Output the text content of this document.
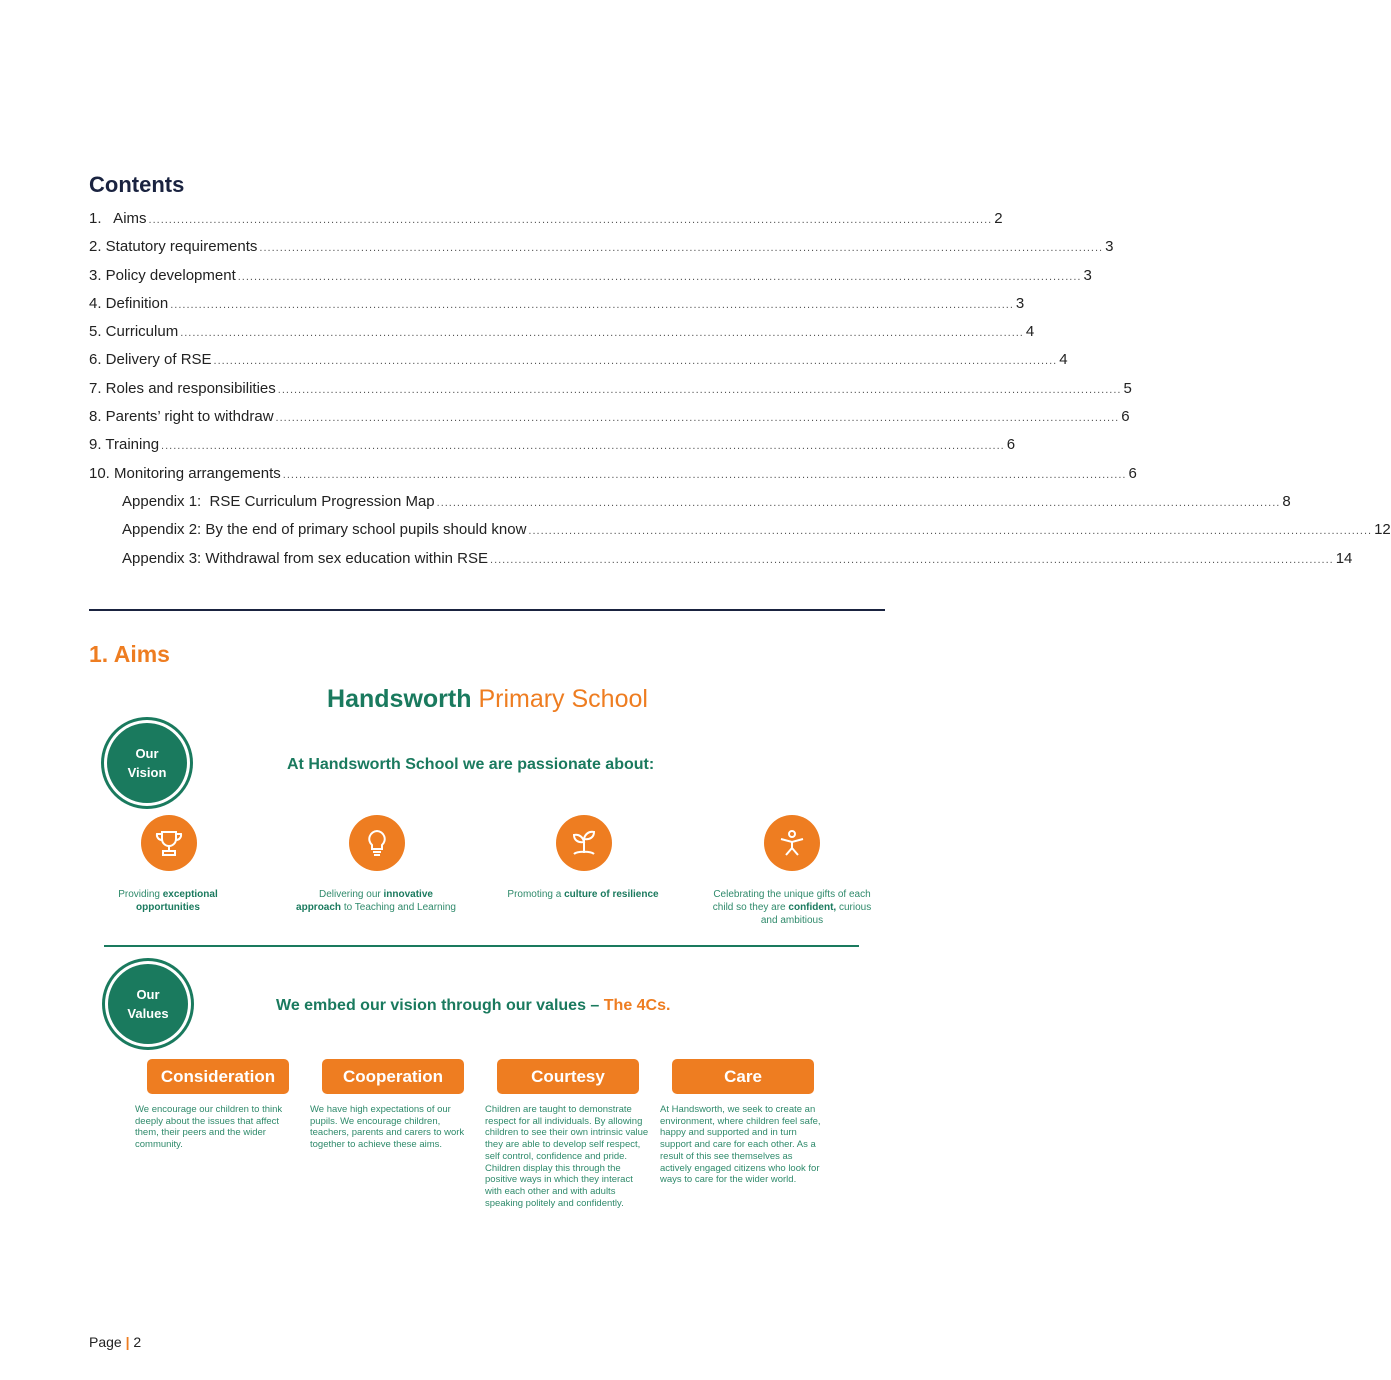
Contents
1.   Aims ................................................................................................................................................................................................................ 2
2. Statutory requirements ................................................................................................................................................................................................................ 3
3. Policy development ................................................................................................................................................................................................................ 3
4. Definition ................................................................................................................................................................................................................ 3
5. Curriculum ................................................................................................................................................................................................................ 4
6. Delivery of RSE ................................................................................................................................................................................................................ 4
7. Roles and responsibilities ................................................................................................................................................................................................................ 5
8. Parents’ right to withdraw ................................................................................................................................................................................................................ 6
9. Training ................................................................................................................................................................................................................ 6
10. Monitoring arrangements ................................................................................................................................................................................................................ 6
Appendix 1:  RSE Curriculum Progression Map ................................................................................................................................................................................................................ 8
Appendix 2: By the end of primary school pupils should know ................................................................................................................................................................................................................ 12
Appendix 3: Withdrawal from sex education within RSE ................................................................................................................................................................................................................ 14
1. Aims
Handsworth Primary School
Our
Vision	At Handsworth School we are passionate about:
Providing exceptional opportunities
Delivering our innovative approach to Teaching and Learning
Promoting a culture of resilience	Celebrating the unique gifts of each child so they are confident, curious and ambitious
Our
Values	We embed our vision through our values – The 4Cs.
Consideration	Cooperation	Courtesy	Care
We encourage our children to think deeply about the issues that affect them, their peers and the wider community.
We have high expectations of our pupils. We encourage children, teachers, parents and carers to work together to achieve these aims.
Children are taught to demonstrate respect for all individuals. By allowing children to see their own intrinsic value they are able to develop self respect, self control, confidence and pride. Children display this through the positive ways in which they interact with each other and with adults speaking politely and confidently.
At Handsworth, we seek to create an environment, where children feel safe, happy and supported and in turn support and care for each other. As a result of this see themselves as actively engaged citizens who look for ways to care for the wider world.
Page | 2
